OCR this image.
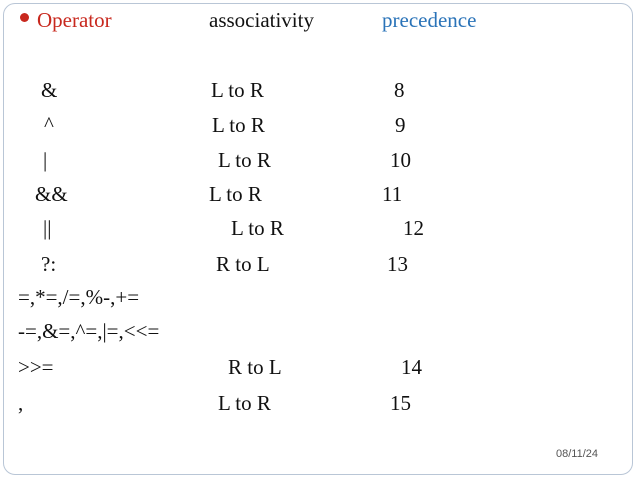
Operator	associativity	precedence
&	L to R	8
^	L to R	9
|	L to R	10
&&	L to R	11
||	L to R	12
?:	R to L	13
=,*=,/=,%-,+=
-=,&=,^=,|=,<<=
>>=	R to L	14
,	L to R	15
08/11/24
